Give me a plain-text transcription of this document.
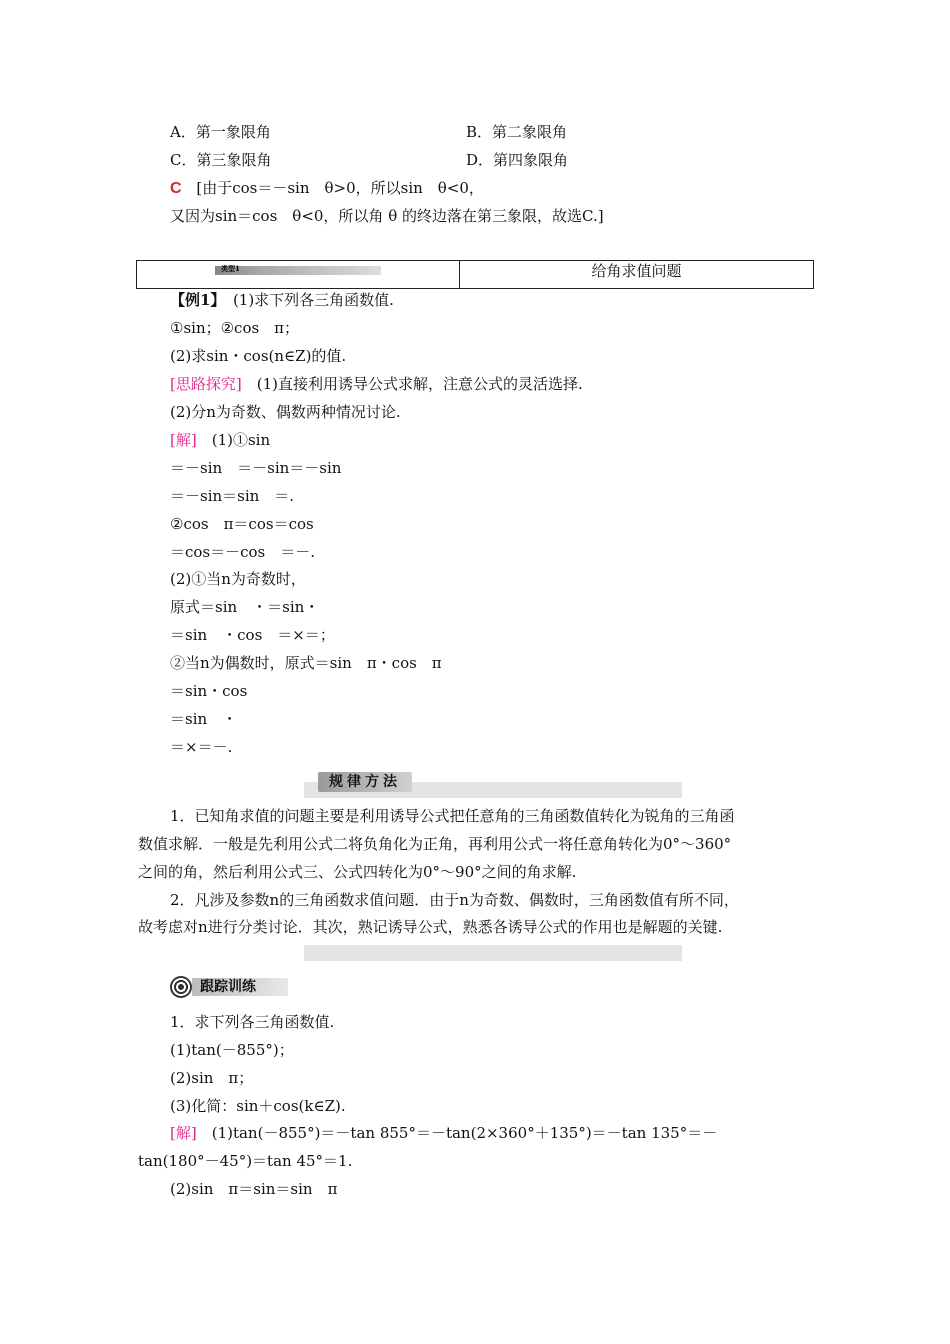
A．第一象限角	B．第二象限角
C．第三象限角	D．第四象限角
C [由于cos＝－sin　θ>0，所以sin　θ<0，
又因为sin＝cos　θ<0，所以角 θ 的终边落在第三象限，故选C.]
类型1	给角求值问题
【例1】　(1)求下列各三角函数值.
①sin；②cos　π；
(2)求sin・cos(n∈Z)的值.
[思路探究]　(1)直接利用诱导公式求解，注意公式的灵活选择.
(2)分n为奇数、偶数两种情况讨论.
[解]　(1)①sin
＝－sin　＝－sin＝－sin
＝－sin＝sin　＝.
②cos　π＝cos＝cos
＝cos＝－cos　＝－.
(2)①当n为奇数时，
原式＝sin　・＝sin・
＝sin　・cos　＝×＝；
②当n为偶数时，原式＝sin　π・cos　π
＝sin・cos
＝sin　・
＝×＝－.
规律方法
1．已知角求值的问题主要是利用诱导公式把任意角的三角函数值转化为锐角的三角函
数值求解．一般是先利用公式二将负角化为正角，再利用公式一将任意角转化为0°～360°
之间的角，然后利用公式三、公式四转化为0°～90°之间的角求解.
2．凡涉及参数n的三角函数求值问题．由于n为奇数、偶数时，三角函数值有所不同，
故考虑对n进行分类讨论．其次，熟记诱导公式，熟悉各诱导公式的作用也是解题的关键.
跟踪训练
1．求下列各三角函数值.
(1)tan(－855°)；
(2)sin　π；
(3)化简：sin＋cos(k∈Z).
[解]　(1)tan(－855°)＝－tan 855°＝－tan(2×360°＋135°)＝－tan 135°＝－
tan(180°－45°)＝tan 45°＝1.
(2)sin　π＝sin＝sin　π
